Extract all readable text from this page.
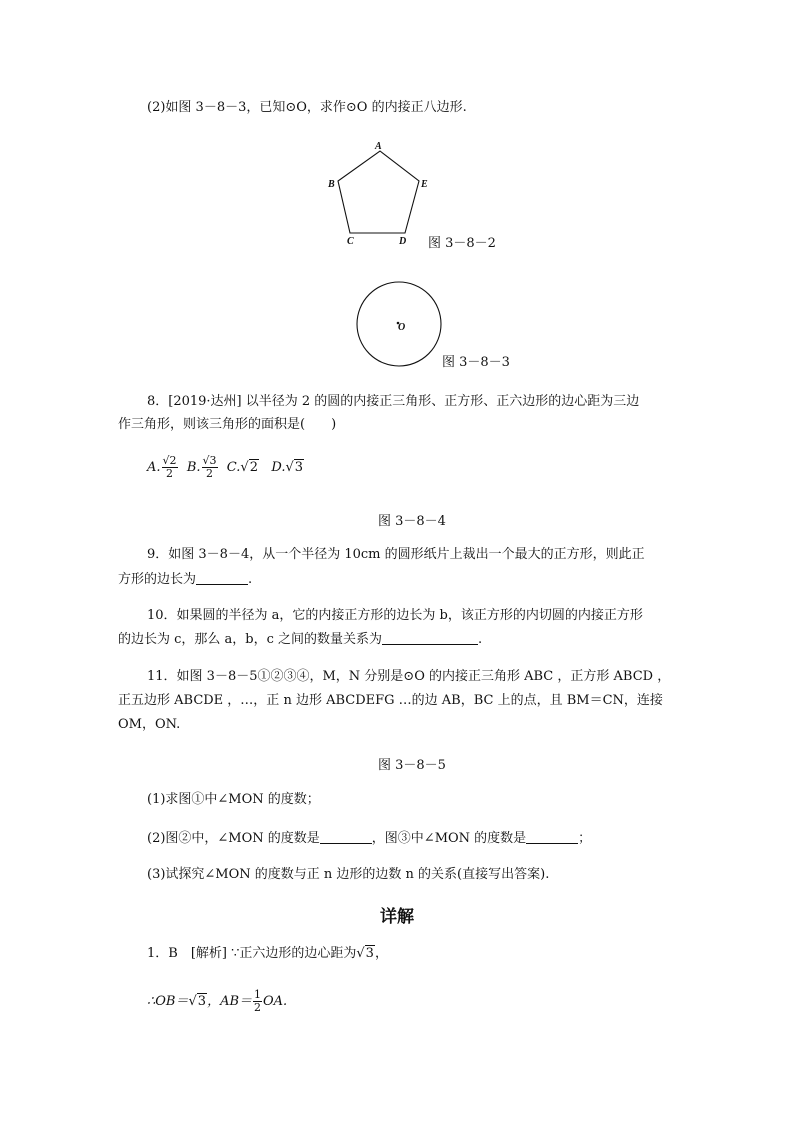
(2)如图 3－8－3，已知⊙O，求作⊙O 的内接正八边形.
A
B	E
C	D 图 3－8－2
O
图 3－8－3
8．[2019·达州] 以半径为 2 的圆的内接正三角形、正方形、正六边形的边心距为三边
作三角形，则该三角形的面积是(　　)
A. $\frac{√2}{2} B$. $\frac{√3}{2} C.√2$ D.√3
图 3－8－4
9．如图 3－8－4，从一个半径为 10cm 的圆形纸片上裁出一个最大的正方形，则此正
方形的边长为	.
10．如果圆的半径为 a，它的内接正方形的边长为 b，该正方形的内切圆的内接正方形
的边长为 c，那么 a，b，c 之间的数量关系为	.
11．如图 3－8－5①②③④，M，N 分别是⊙O 的内接正三角形 ABC ，正方形 ABCD ，
正五边形 ABCDE ，…，正 n 边形 ABCDEFG …的边 AB，BC 上的点，且 BM＝CN，连接
OM，ON.
图 3－8－5
(1)求图①中∠MON 的度数；
(2)图②中，∠MON 的度数是	，图③中∠MON 的度数是	；
(3)试探究∠MON 的度数与正 n 边形的边数 n 的关系(直接写出答案).
详解
1．B　[解析] ∵正六边形的边心距为√3，
∴OB＝√3，$AB= \frac{1}{2}$ OA.
